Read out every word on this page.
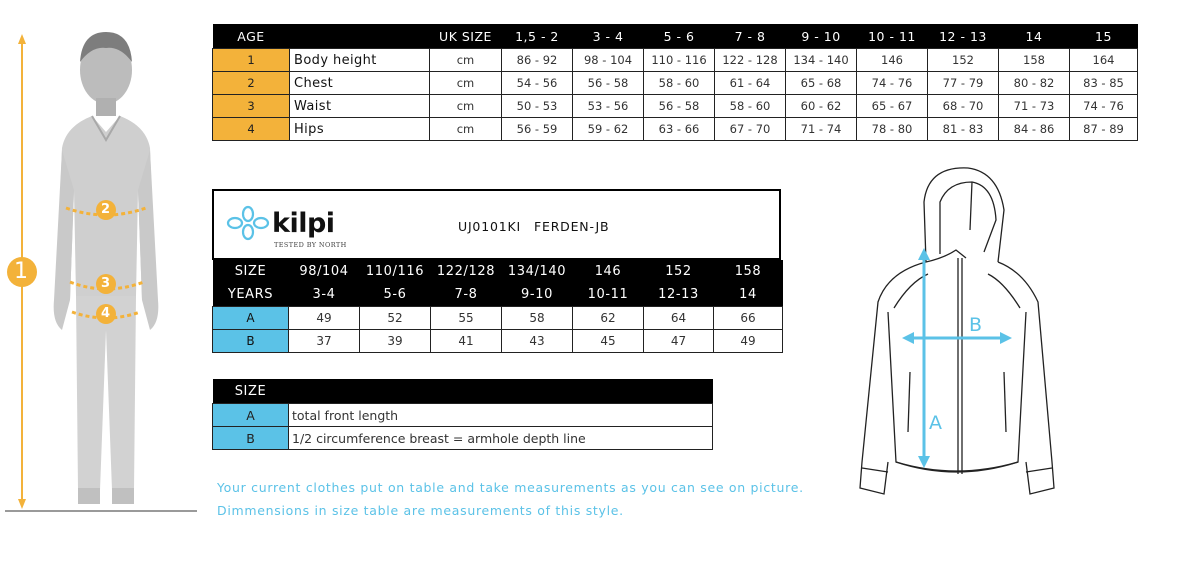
1
2
3
4
AGE		UK SIZE	1,5 - 2	3 - 4	5 - 6	7 - 8	9 - 10	10 - 11	12 - 13	14	15
1	Body height	cm	86 - 92	98 - 104	110 - 116	122 - 128	134 - 140	146	152	158	164
2	Chest	cm	54 - 56	56 - 58	58 - 60	61 - 64	65 - 68	74 - 76	77 - 79	80 - 82	83 - 85
3	Waist	cm	50 - 53	53 - 56	56 - 58	58 - 60	60 - 62	65 - 67	68 - 70	71 - 73	74 - 76
4	Hips	cm	56 - 59	59 - 62	63 - 66	67 - 70	71 - 74	78 - 80	81 - 83	84 - 86	87 - 89
kilpi
TESTED BY NORTH
UJ0101KI FERDEN-JB
SIZE	98/104	110/116	122/128	134/140	146	152	158
YEARS	3-4	5-6	7-8	9-10	10-11	12-13	14
A	49	52	55	58	62	64	66
B	37	39	41	43	45	47	49
SIZE	
A	total front length
B	1/2 circumference breast = armhole depth line
Your current clothes put on table and take measurements as you can see on picture.
Dimmensions in size table are measurements of this style.
A
B
